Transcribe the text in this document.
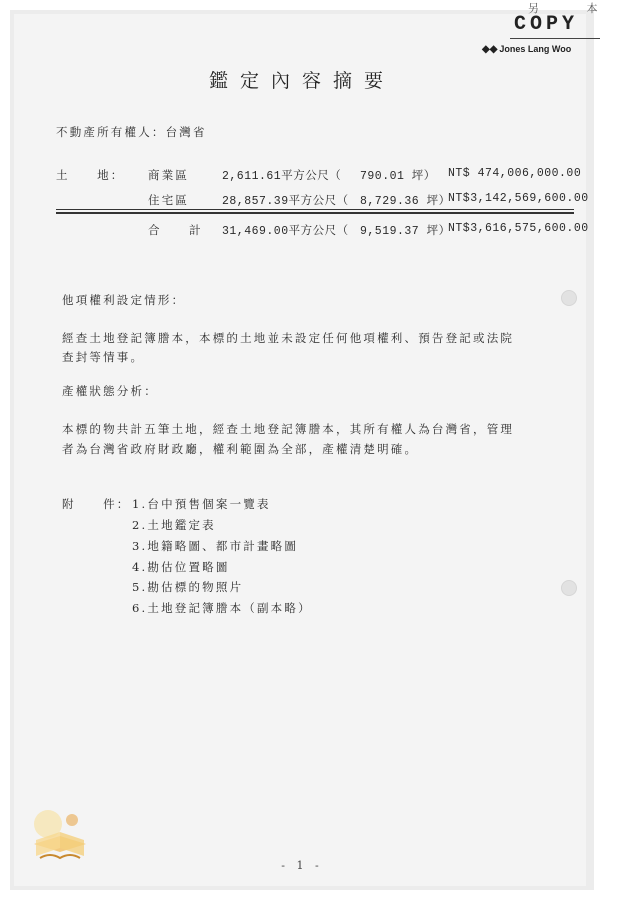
另 本
COPY
◆◆ Jones Lang Woo
鑑定內容摘要
不動產所有權人：台灣省
土　　地： 商業區	2,611.61平方公尺（ 790.01 坪） NT$ 474,006,000.00
住宅區	28,857.39平方公尺（ 8,729.36 坪）
NT$3,142,569,600.00
合　　計 31,469.00平方公尺（ 9,519.37 坪）
NT$3,616,575,600.00
他項權利設定情形：
經查土地登記簿謄本，本標的土地並未設定任何他項權利、預告登記或法院
查封等情事。
產權狀態分析：
本標的物共計五筆土地，經查土地登記簿謄本，其所有權人為台灣省，管理
者為台灣省政府財政廳，權利範圍為全部，產權清楚明確。
附　　件： 1.台中預售個案一覽表
2.土地鑑定表
3.地籍略圖、都市計畫略圖
4.勘估位置略圖
5.勘估標的物照片
6.土地登記簿謄本（副本略）
- 1 -
